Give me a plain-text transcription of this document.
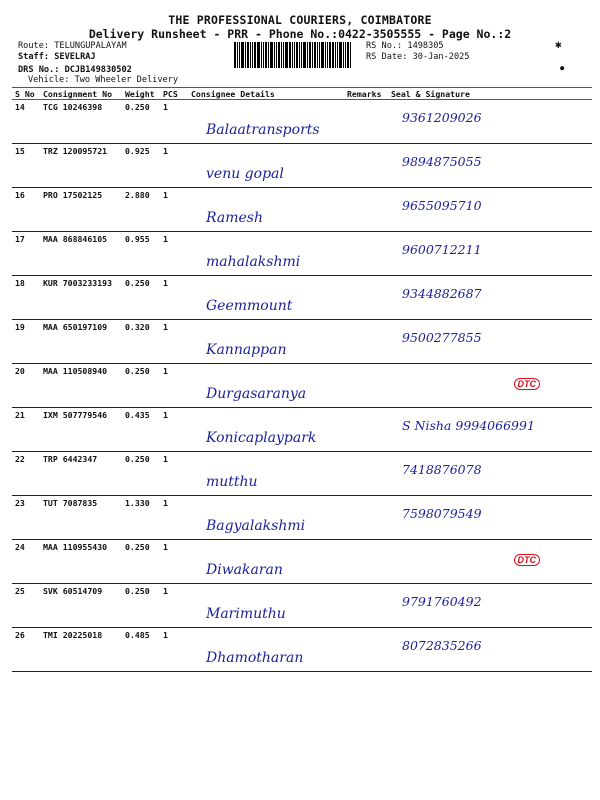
THE PROFESSIONAL COURIERS, COIMBATORE
Delivery Runsheet - PRR - Phone No.:0422-3505555 - Page No.:2
Route: TELUNGUPALAYAM
Staff: SEVELRAJ
DRS No.: DCJB149830502
Vehicle: Two Wheeler Delivery
RS No.: 1498305
RS Date: 30-Jan-2025
✱
●
S No	Consignment No	Weight	PCS	Consignee Details	Remarks	Seal & Signature
14	TCG 10246398	0.250	1	Balaatransports		9361209026

15	TRZ 120095721	0.925	1	venu gopal		9894875055

16	PRO 17502125	2.880	1	Ramesh		9655095710

17	MAA 868846105	0.955	1	mahalakshmi		9600712211

18	KUR 7003233193	0.250	1	Geemmount		9344882687

19	MAA 650197109	0.320	1	Kannappan		9500277855

20	MAA 110508940	0.250	1	Durgasaranya		DTC

21	IXM 507779546	0.435	1	Konicaplaypark		S Nisha 9994066991

22	TRP 6442347	0.250	1	mutthu		7418876078

23	TUT 7087835	1.330	1	Bagyalakshmi		7598079549

24	MAA 110955430	0.250	1	Diwakaran		DTC

25	SVK 60514709	0.250	1	Marimuthu		9791760492

26	TMI 20225018	0.485	1	Dhamotharan		8072835266
